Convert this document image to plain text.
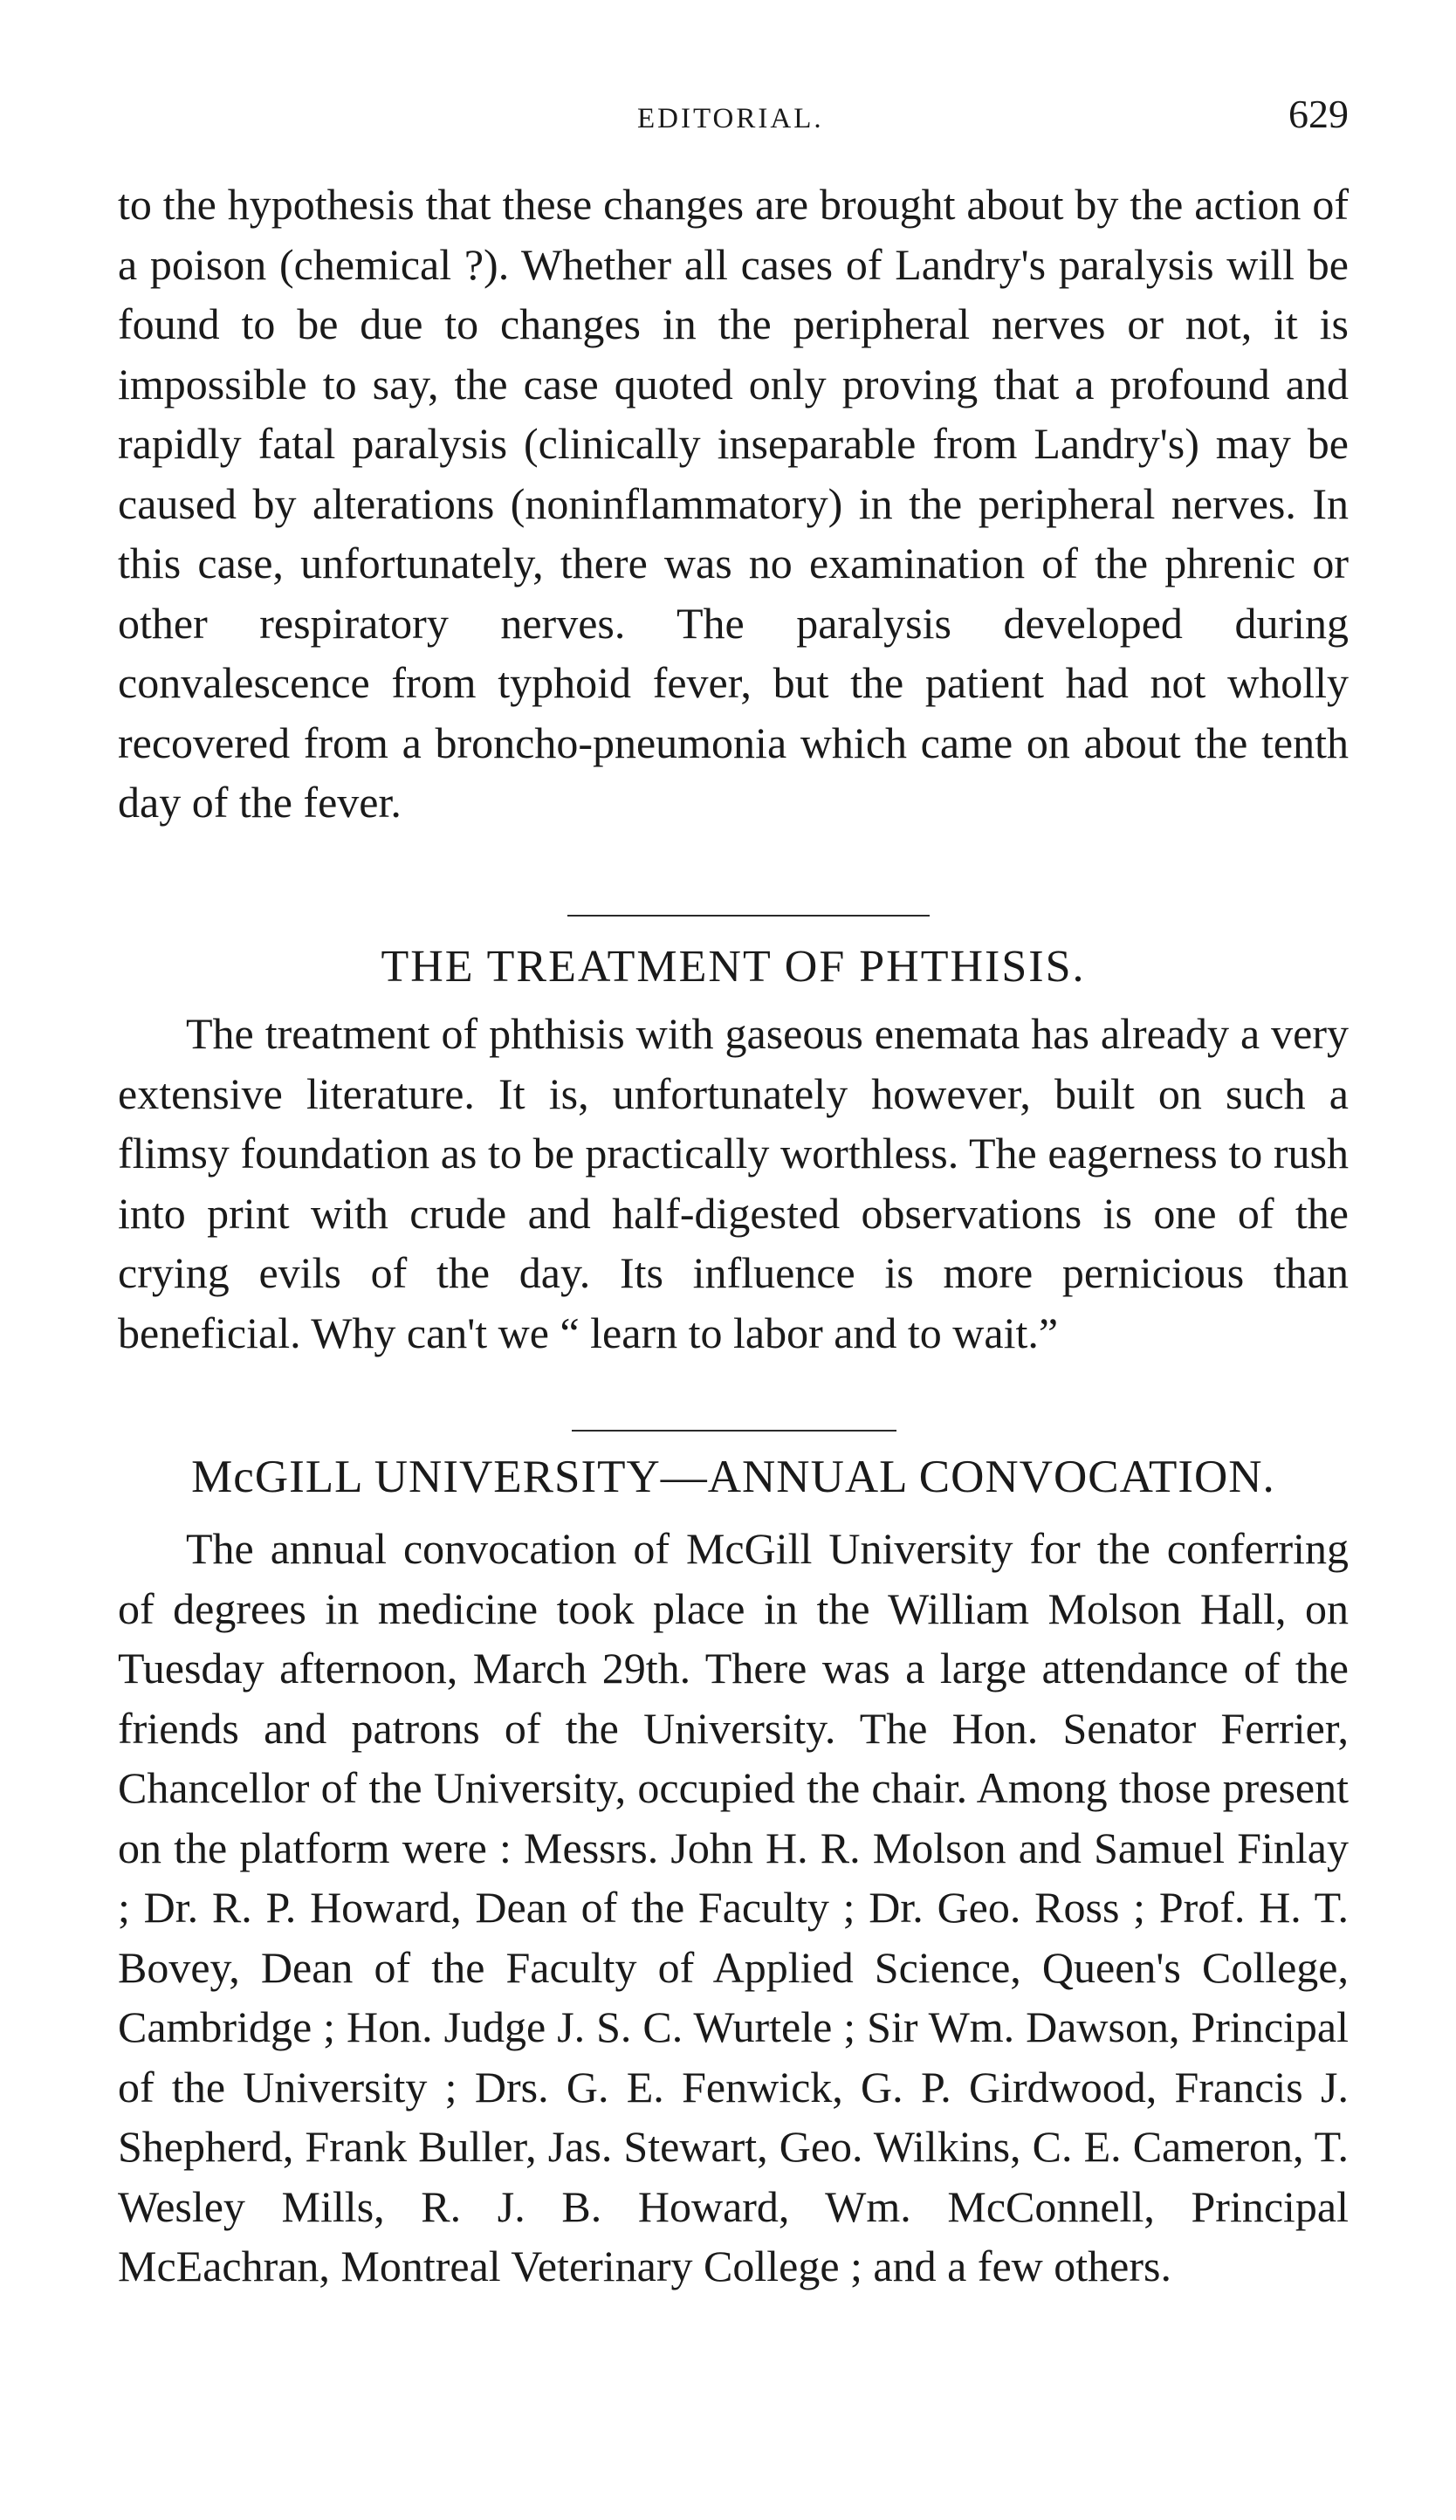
EDITORIAL.	629

to the hypothesis that these changes are brought about by the action of a poison (chemical ?). Whether all cases of Landry's paralysis will be found to be due to changes in the peripheral nerves or not, it is impossible to say, the case quoted only proving that a profound and rapidly fatal paralysis (clinically inseparable from Landry's) may be caused by alterations (noninflammatory) in the peripheral nerves. In this case, unfortunately, there was no examination of the phrenic or other respiratory nerves. The paralysis developed during convalescence from typhoid fever, but the patient had not wholly recovered from a broncho-pneumonia which came on about the tenth day of the fever.

THE TREATMENT OF PHTHISIS.

The treatment of phthisis with gaseous enemata has already a very extensive literature. It is, unfortunately however, built on such a flimsy foundation as to be practically worthless. The eagerness to rush into print with crude and half-digested observations is one of the crying evils of the day. Its influence is more pernicious than beneficial. Why can't we “ learn to labor and to wait.”

McGILL UNIVERSITY—ANNUAL CONVOCATION.

The annual convocation of McGill University for the conferring of degrees in medicine took place in the William Molson Hall, on Tuesday afternoon, March 29th. There was a large attendance of the friends and patrons of the University. The Hon. Senator Ferrier, Chancellor of the University, occupied the chair. Among those present on the platform were : Messrs. John H. R. Molson and Samuel Finlay ; Dr. R. P. Howard, Dean of the Faculty ; Dr. Geo. Ross ; Prof. H. T. Bovey, Dean of the Faculty of Applied Science, Queen's College, Cambridge ; Hon. Judge J. S. C. Wurtele ; Sir Wm. Dawson, Principal of the University ; Drs. G. E. Fenwick, G. P. Girdwood, Francis J. Shepherd, Frank Buller, Jas. Stewart, Geo. Wilkins, C. E. Cameron, T. Wesley Mills, R. J. B. Howard, Wm. McConnell, Principal McEachran, Montreal Veterinary College ; and a few others.
